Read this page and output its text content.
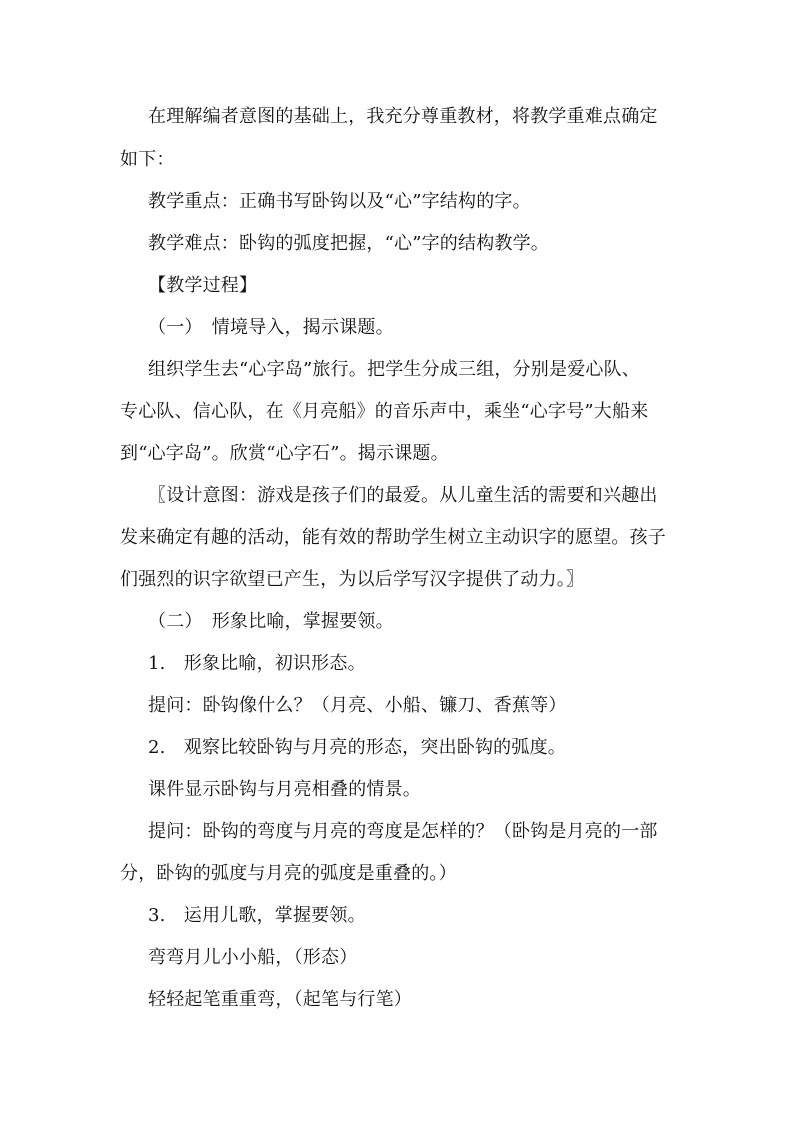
在理解编者意图的基础上，我充分尊重教材，将教学重难点确定
如下：
教学重点：正确书写卧钩以及“心”字结构的字。
教学难点：卧钩的弧度把握，“心”字的结构教学。
【教学过程】
（一）　情境导入，揭示课题。
组织学生去“心字岛”旅行。把学生分成三组，分别是爱心队、
专心队、信心队，在《月亮船》的音乐声中，乘坐“心字号”大船来
到“心字岛”。欣赏“心字石”。揭示课题。
〖设计意图：游戏是孩子们的最爱。从儿童生活的需要和兴趣出
发来确定有趣的活动，能有效的帮助学生树立主动识字的愿望。孩子
们强烈的识字欲望已产生，为以后学写汉字提供了动力。〗
（二）　形象比喻，掌握要领。
1.　形象比喻，初识形态。
提问：卧钩像什么？（月亮、小船、镰刀、香蕉等）
2.　观察比较卧钩与月亮的形态，突出卧钩的弧度。
课件显示卧钩与月亮相叠的情景。
提问：卧钩的弯度与月亮的弯度是怎样的？（卧钩是月亮的一部
分，卧钩的弧度与月亮的弧度是重叠的。）
3.　运用儿歌，掌握要领。
弯弯月儿小小船，（形态）
轻轻起笔重重弯，（起笔与行笔）
